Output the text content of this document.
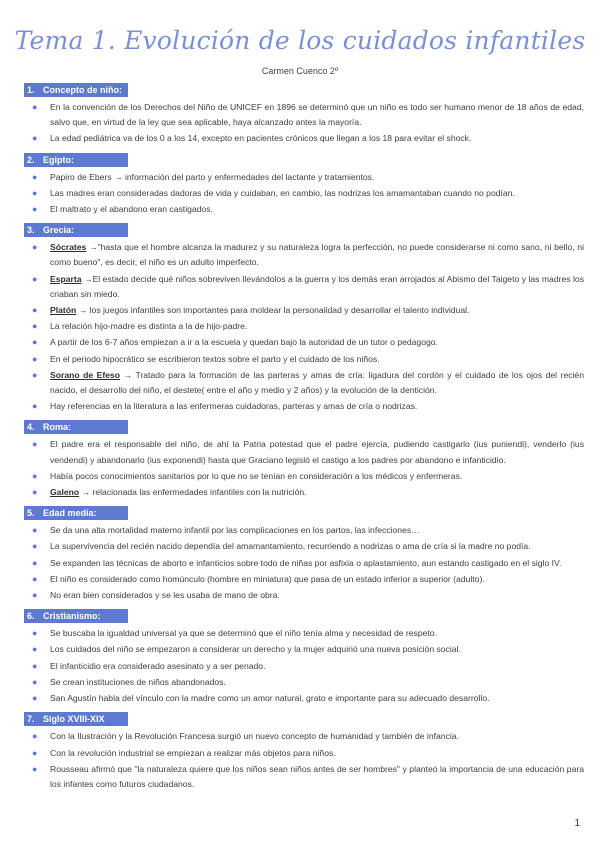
Tema 1. Evolución de los cuidados infantiles
Carmen Cuenco 2º
1. Concepto de niño:
● En la convención de los Derechos del Niño de UNICEF en 1896 se determinó que un niño es todo ser humano menor de 18 años de edad, salvo que, en virtud de la ley que sea aplicable, haya alcanzado antes la mayoría.
● La edad pediátrica va de los 0 a los 14, excepto en pacientes crónicos que llegan a los 18 para evitar el shock.
2. Egipto:
● Papiro de Ebers → información del parto y enfermedades del lactante y tratamientos.
● Las madres eran consideradas dadoras de vida y cuidaban, en cambio, las nodrizas los amamantaban cuando no podían.
● El maltrato y el abandono eran castigados.
3. Grecia:
● Sócrates →"hasta que el hombre alcanza la madurez y su naturaleza logra la perfección, no puede considerarse ni como sano, ni bello, ni como bueno", es decir, el niño es un adulto imperfecto.
● Esparta →El estado decide qué niños sobreviven llevándolos a la guerra y los demás eran arrojados al Abismo del Taigeto y las madres los criaban sin miedo.
● Platón → los juegos infantiles son importantes para moldear la personalidad y desarrollar el talento individual.
● La relación hijo-madre es distinta a la de hijo-padre.
● A partir de los 6-7 años empiezan a ir a la escuela y quedan bajo la autoridad de un tutor o pedagogo.
● En el periodo hipocrático se escribieron textos sobre el parto y el cuidado de los niños.
● Sorano de Efeso → Tratado para la formación de las parteras y amas de cría: ligadura del cordón y el cuidado de los ojos del recién nacido, el desarrollo del niño, el destete( entre el año y medio y 2 años) y la evolución de la dentición.
● Hay referencias en la literatura a las enfermeras cuidadoras, parteras y amas de cría o nodrizas.
4. Roma:
● El padre era el responsable del niño, de ahí la Patria potestad que el padre ejercía, pudiendo castigarlo (ius puniendi), venderlo (ius vendendi) y abandonarlo (ius exponendi) hasta que Graciano legisló el castigo a los padres por abandono e infanticidio.
● Había pocos conocimientos sanitarios por lo que no se tenían en consideración a los médicos y enfermeras.
● Galeno → relacionada las enfermedades infantiles con la nutrición.
5. Edad media:
● Se da una alta mortalidad materno infantil por las complicaciones en los partos, las infecciones…
● La supervivencia del recién nacido dependía del amamantamiento, recurriendo a nodrizas o ama de cría si la madre no podía.
● Se expanden las técnicas de aborto e infanticios sobre todo de niñas por asfixia o aplastamiento, aun estando castigado en el siglo IV.
● El niño es considerado como homúnculo (hombre en miniatura) que pasa de un estado inferior a superior (adulto).
● No eran bien considerados y se les usaba de mano de obra.
6. Cristianismo:
● Se buscaba la igualdad universal ya que se determinó que el niño tenía alma y necesidad de respeto.
● Los cuidados del niño se empezaron a considerar un derecho y la mujer adquirió una nueva posición social.
● El infanticidio era considerado asesinato y a ser penado.
● Se crean instituciones de niños abandonados.
● San Agustín habla del vínculo con la madre como un amor natural, grato e importante para su adecuado desarrollo.
7. Siglo XVIII-XIX
● Con la Ilustración y la Revolución Francesa surgió un nuevo concepto de humanidad y también de infancia.
● Con la revolución industrial se empiezan a realizar más objetos para niños.
● Rousseau afirmó que "la naturaleza quiere que los niños sean niños antes de ser hombres" y planteó la importancia de una educación para los infantes como futuros ciudadanos.
1
